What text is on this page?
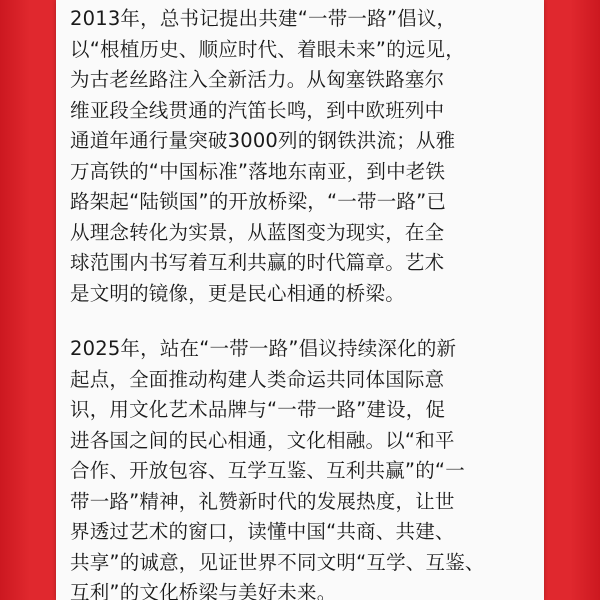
2013年，总书记提出共建“一带一路”倡议，
以“根植历史、顺应时代、着眼未来”的远见，
为古老丝路注入全新活力。从匈塞铁路塞尔
维亚段全线贯通的汽笛长鸣，到中欧班列中
通道年通行量突破3000列的钢铁洪流；从雅
万高铁的“中国标准”落地东南亚，到中老铁
路架起“陆锁国”的开放桥梁，“一带一路”已
从理念转化为实景，从蓝图变为现实，在全
球范围内书写着互利共赢的时代篇章。艺术
是文明的镜像，更是民心相通的桥梁。
2025年，站在“一带一路”倡议持续深化的新
起点，全面推动构建人类命运共同体国际意
识，用文化艺术品牌与“一带一路”建设，促
进各国之间的民心相通，文化相融。以“和平
合作、开放包容、互学互鉴、互利共赢”的“一
带一路”精神，礼赞新时代的发展热度，让世
界透过艺术的窗口，读懂中国“共商、共建、
共享”的诚意，见证世界不同文明“互学、互鉴、
互利”的文化桥梁与美好未来。
